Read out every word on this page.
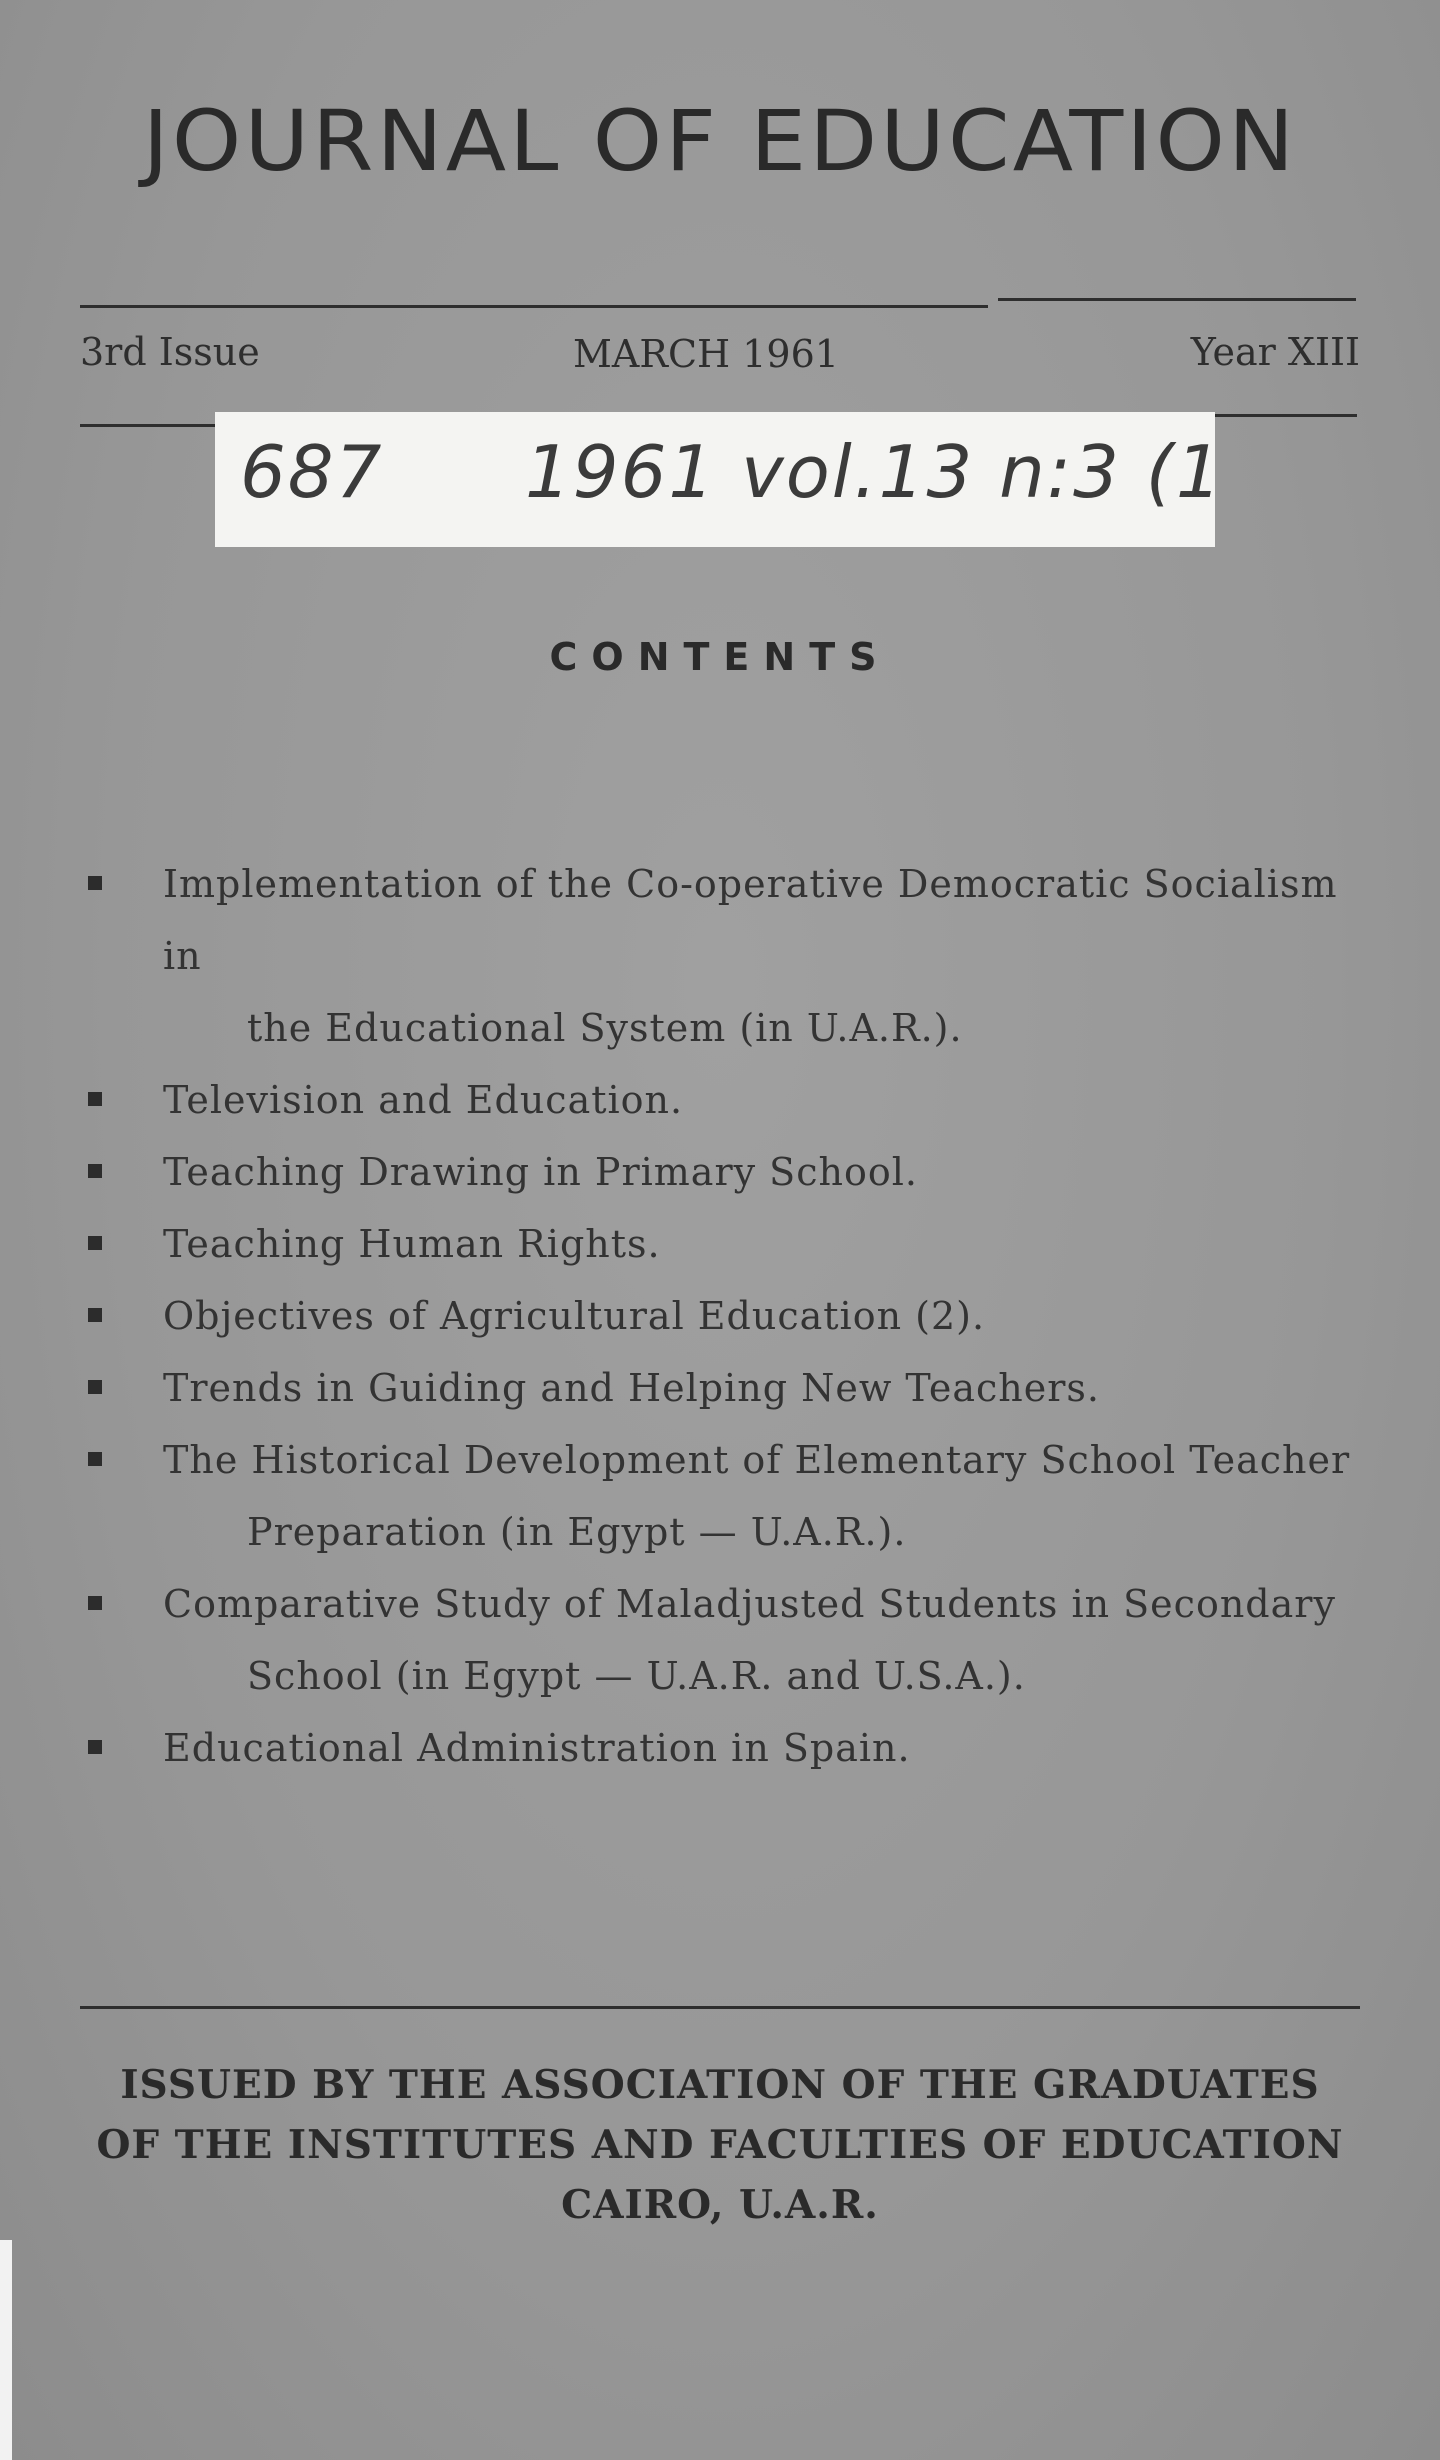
JOURNAL OF EDUCATION
3rd Issue	MARCH 1961	Year XIII
687 1961 vol.13 n:3 (1
CONTENTS
Implementation of the Co-operative Democratic Socialism in
the Educational System (in U.A.R.).
Television and Education.
Teaching Drawing in Primary School.
Teaching Human Rights.
Objectives of Agricultural Education (2).
Trends in Guiding and Helping New Teachers.
The Historical Development of Elementary School Teacher
Preparation (in Egypt — U.A.R.).
Comparative Study of Maladjusted Students in Secondary
School (in Egypt — U.A.R. and U.S.A.).
Educational Administration in Spain.
ISSUED BY THE ASSOCIATION OF THE GRADUATES
OF THE INSTITUTES AND FACULTIES OF EDUCATION
CAIRO, U.A.R.
